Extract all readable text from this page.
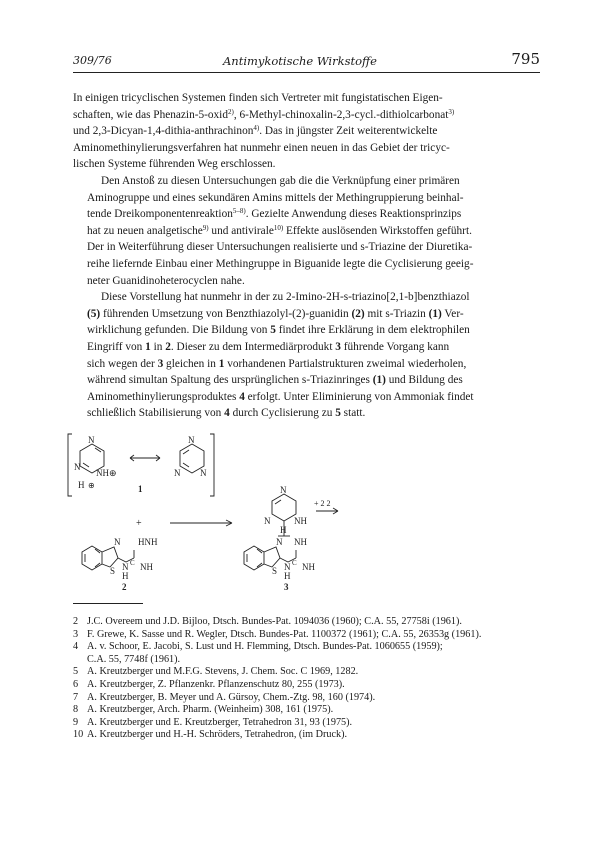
309/76	Antimykotische Wirkstoffe	795

In einigen tricyclischen Systemen finden sich Vertreter mit fungistatischen Eigen-
schaften, wie das Phenazin-5-oxid$^{2)}$, 6-Methyl-chinoxalin-2,3-cycl.-dithiolcarbonat$^{3)}$
und 2,3-Dicyan-1,4-dithia-anthrachinon$^{4)}$. Das in jüngster Zeit weiterentwickelte
Aminomethinylierungsverfahren hat nunmehr einen neuen in das Gebiet der tricyc-
lischen Systeme führenden Weg erschlossen.

Den Anstoß zu diesen Untersuchungen gab die die Verknüpfung einer primären
Aminogruppe und eines sekundären Amins mittels der Methingruppierung beinhal-
tende Dreikomponentenreaktion$^{5-8)}$. Gezielte Anwendung dieses Reaktionsprinzips
hat zu neuen analgetische$^{9)}$ und antivirale$^{10)}$ Effekte auslösenden Wirkstoffen geführt.
Der in Weiterführung dieser Untersuchungen realisierte und s-Triazine der Diuretika-
reihe liefernde Einbau einer Methingruppe in Biguanide legte die Cyclisierung geeig-
neter Guanidinoheterocyclen nahe.

Diese Vorstellung hat nunmehr in der zu 2-Imino-2H-s-triazino[2,1-b]benzthiazol
(5) führenden Umsetzung von Benzthiazolyl-(2)-guanidin (2) mit s-Triazin (1) Ver-
wirklichung gefunden. Die Bildung von 5 findet ihre Erklärung in dem elektrophilen
Eingriff von 1 in 2. Dieser zu dem Intermediärprodukt 3 führende Vorgang kann
sich wegen der 3 gleichen in 1 vorhandenen Partialstrukturen zweimal wiederholen,
während simultan Spaltung des ursprünglichen s-Triazinringes (1) und Bildung des
Aminomethinylierungsproduktes 4 erfolgt. Unter Eliminierung von Ammoniak findet
schließlich Stabilisierung von 4 durch Cyclisierung zu 5 statt.

N
N
NH⊕
H ⊕
N
N N
1
+
N
N	NH
H
+ 2 2
N
S
HNH
N C NH
H
2
N
S
NH
N C NH
H
3
2 J.C. Overeem und J.D. Bijloo, Dtsch. Bundes-Pat. 1094036 (1960); C.A. 55, 27758i (1961).
3 F. Grewe, K. Sasse und R. Wegler, Dtsch. Bundes-Pat. 1100372 (1961); C.A. 55, 26353g (1961).
4 A. v. Schoor, E. Jacobi, S. Lust und H. Flemming, Dtsch. Bundes-Pat. 1060655 (1959);
C.A. 55, 7748f (1961).
5 A. Kreutzberger und M.F.G. Stevens, J. Chem. Soc. C 1969, 1282.
6 A. Kreutzberger, Z. Pflanzenkr. Pflanzenschutz 80, 255 (1973).
7 A. Kreutzberger, B. Meyer und A. Gürsoy, Chem.-Ztg. 98, 160 (1974).
8 A. Kreutzberger, Arch. Pharm. (Weinheim) 308, 161 (1975).
9 A. Kreutzberger und E. Kreutzberger, Tetrahedron 31, 93 (1975).
10 A. Kreutzberger und H.-H. Schröders, Tetrahedron, (im Druck).
